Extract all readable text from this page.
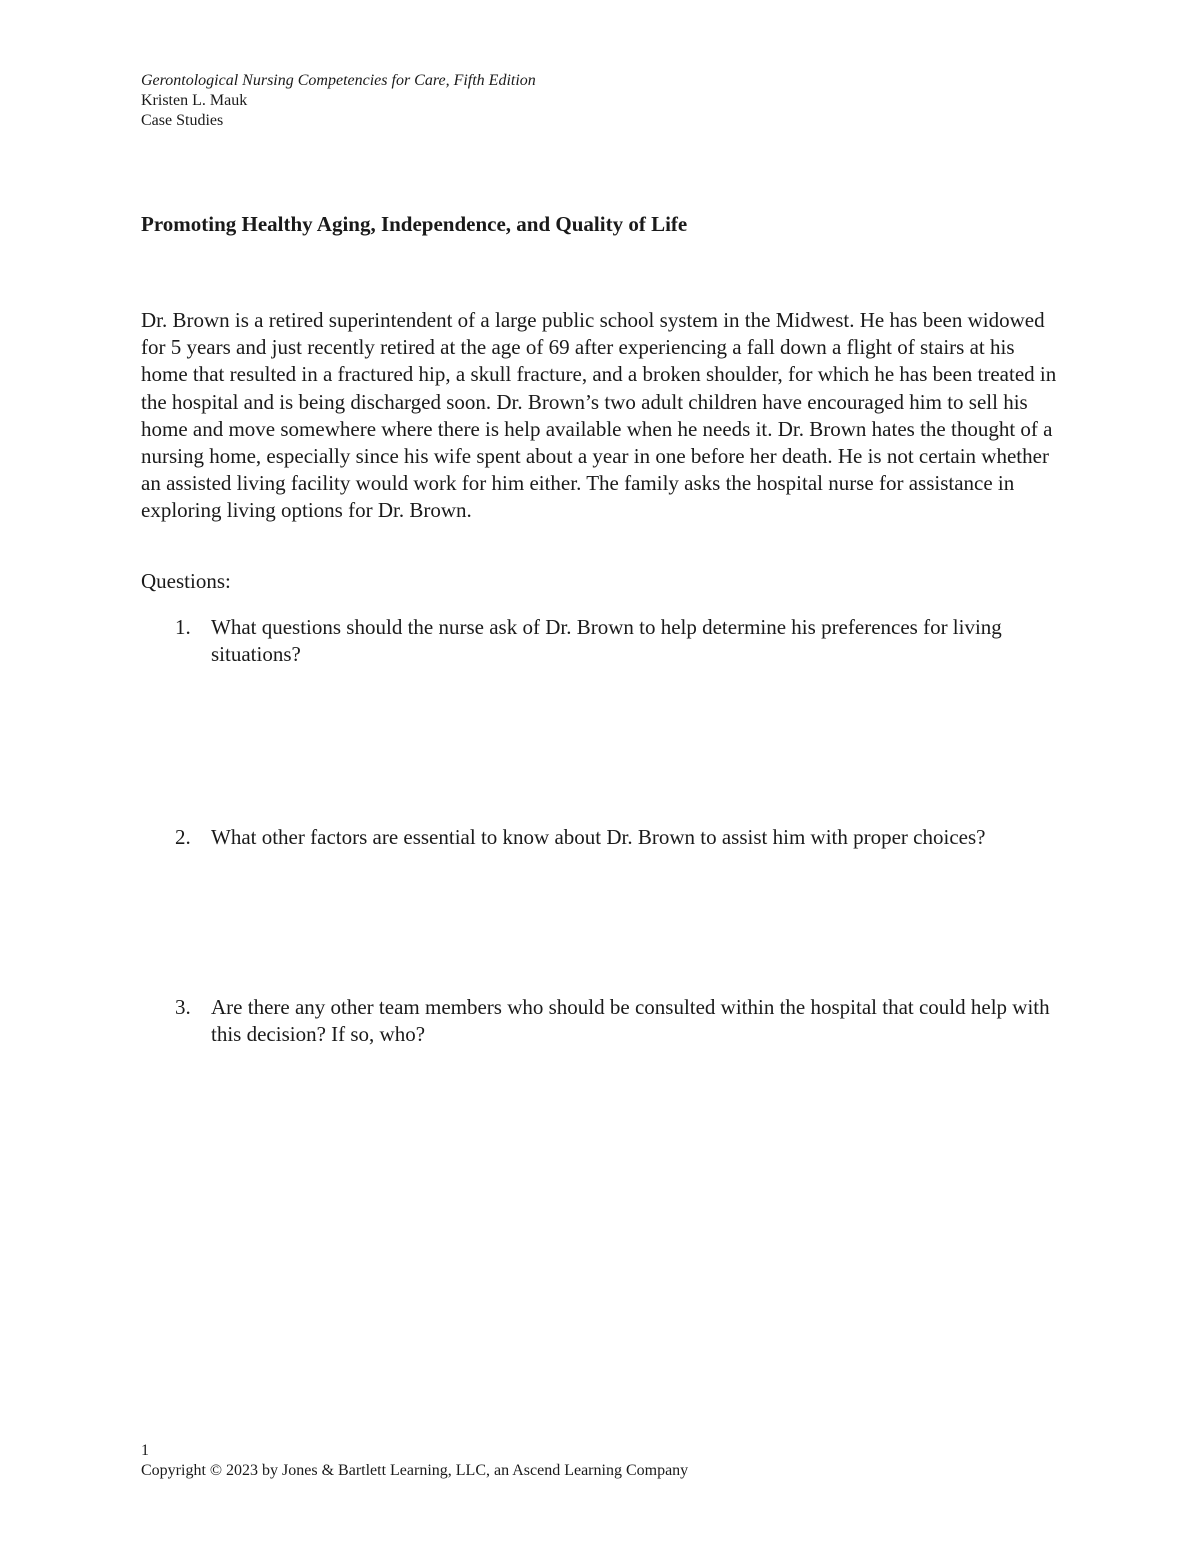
Gerontological Nursing Competencies for Care, Fifth Edition
Kristen L. Mauk
Case Studies
Promoting Healthy Aging, Independence, and Quality of Life

Dr. Brown is a retired superintendent of a large public school system in the Midwest. He has been widowed for 5 years and just recently retired at the age of 69 after experiencing a fall down a flight of stairs at his home that resulted in a fractured hip, a skull fracture, and a broken shoulder, for which he has been treated in the hospital and is being discharged soon. Dr. Brown’s two adult children have encouraged him to sell his home and move somewhere where there is help available when he needs it. Dr. Brown hates the thought of a nursing home, especially since his wife spent about a year in one before her death. He is not certain whether an assisted living facility would work for him either. The family asks the hospital nurse for assistance in exploring living options for Dr. Brown.

Questions:

1. What questions should the nurse ask of Dr. Brown to help determine his preferences for living situations?
2. What other factors are essential to know about Dr. Brown to assist him with proper choices?
3. Are there any other team members who should be consulted within the hospital that could help with this decision? If so, who?
1
Copyright © 2023 by Jones & Bartlett Learning, LLC, an Ascend Learning Company
